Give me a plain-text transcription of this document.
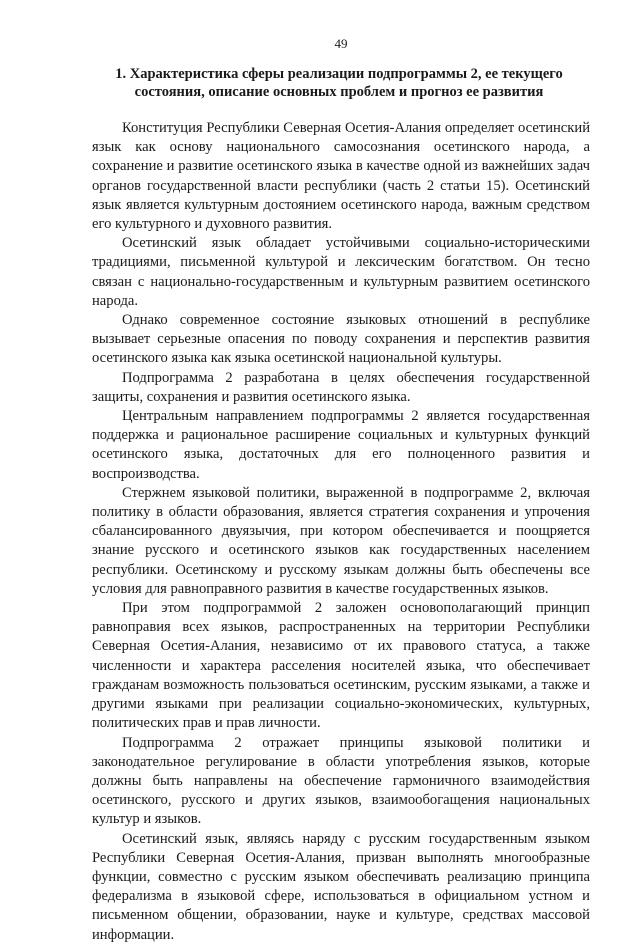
49
1. Характеристика сферы реализации подпрограммы 2, ее текущего состояния, описание основных проблем и прогноз ее развития

Конституция Республики Северная Осетия-Алания определяет осетинский язык как основу национального самосознания осетинского народа, а сохранение и развитие осетинского языка в качестве одной из важнейших задач органов государственной власти республики (часть 2 статьи 15). Осетинский язык является культурным достоянием осетинского народа, важным средством его культурного и духовного развития.

Осетинский язык обладает устойчивыми социально-историческими традициями, письменной культурой и лексическим богатством. Он тесно связан с национально-государственным и культурным развитием осетинского народа.

Однако современное состояние языковых отношений в республике вызывает серьезные опасения по поводу сохранения и перспектив развития осетинского языка как языка осетинской национальной культуры.

Подпрограмма 2 разработана в целях обеспечения государственной защиты, сохранения и развития осетинского языка.

Центральным направлением подпрограммы 2 является государственная поддержка и рациональное расширение социальных и культурных функций осетинского языка, достаточных для его полноценного развития и воспроизводства.

Стержнем языковой политики, выраженной в подпрограмме 2, включая политику в области образования, является стратегия сохранения и упрочения сбалансированного двуязычия, при котором обеспечивается и поощряется знание русского и осетинского языков как государственных населением республики. Осетинскому и русскому языкам должны быть обеспечены все условия для равноправного развития в качестве государственных языков.

При этом подпрограммой 2 заложен основополагающий принцип равноправия всех языков, распространенных на территории Республики Северная Осетия-Алания, независимо от их правового статуса, а также численности и характера расселения носителей языка, что обеспечивает гражданам возможность пользоваться осетинским, русским языками, а также и другими языками при реализации социально-экономических, культурных, политических прав и прав личности.

Подпрограмма 2 отражает принципы языковой политики и законодательное регулирование в области употребления языков, которые должны быть направлены на обеспечение гармоничного взаимодействия осетинского, русского и других языков, взаимообогащения национальных культур и языков.

Осетинский язык, являясь наряду с русским государственным языком Республики Северная Осетия-Алания, призван выполнять многообразные функции, совместно с русским языком обеспечивать реализацию принципа федерализма в языковой сфере, использоваться в официальном устном и письменном общении, образовании, науке и культуре, средствах массовой информации.
